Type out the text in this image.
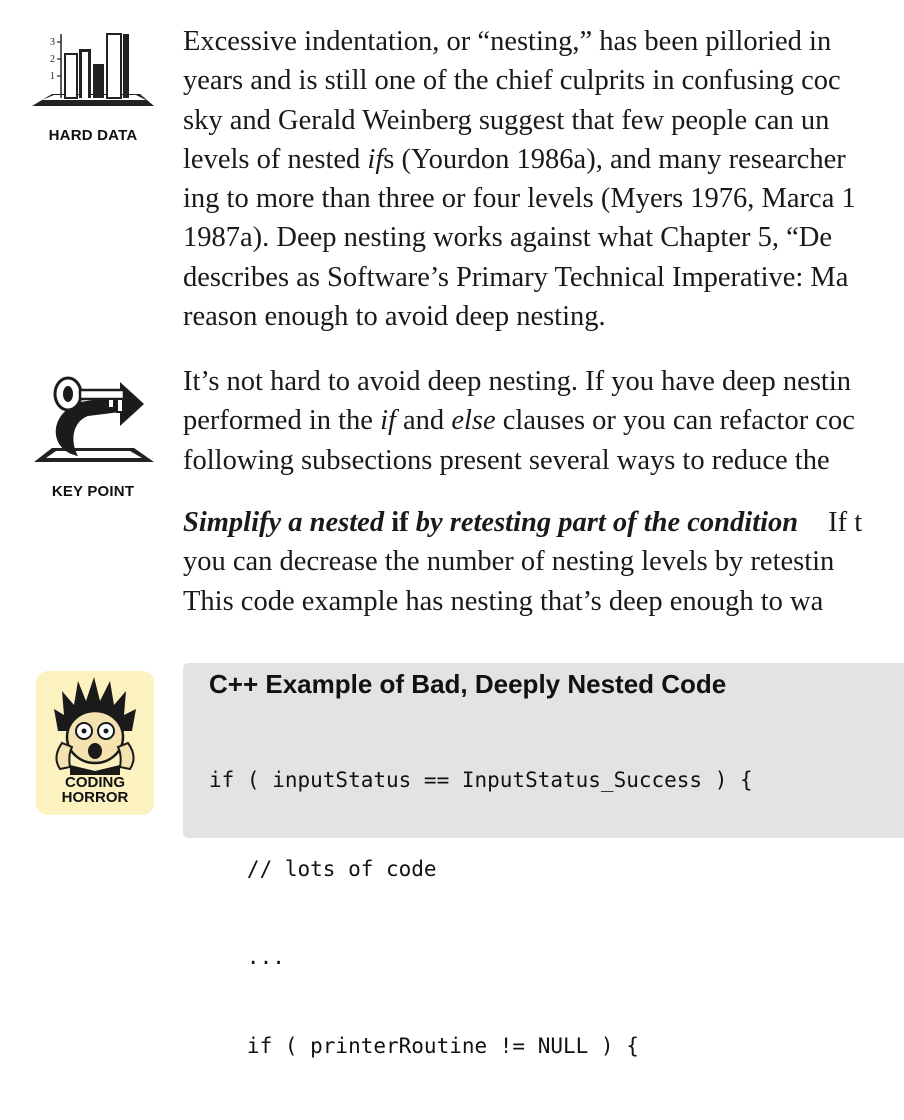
3
2
1
HARD DATA
KEY POINT
Excessive indentation, or “nesting,” has been pilloried in
years and is still one of the chief culprits in confusing coc
sky and Gerald Weinberg suggest that few people can un
levels of nested ifs (Yourdon 1986a), and many researcher
ing to more than three or four levels (Myers 1976, Marca 1
1987a). Deep nesting works against what Chapter 5, “De
describes as Software’s Primary Technical Imperative: Ma
reason enough to avoid deep nesting.
It’s not hard to avoid deep nesting. If you have deep nestin
performed in the if and else clauses or you can refactor coc
following subsections present several ways to reduce the
Simplify a nested if by retesting part of the condition If t
you can decrease the number of nesting levels by retestin
This code example has nesting that’s deep enough to wa
CODING
HORROR
C++ Example of Bad, Deeply Nested Code

if ( inputStatus == InputStatus_Success ) {

// lots of code

...

if ( printerRoutine != NULL ) {
